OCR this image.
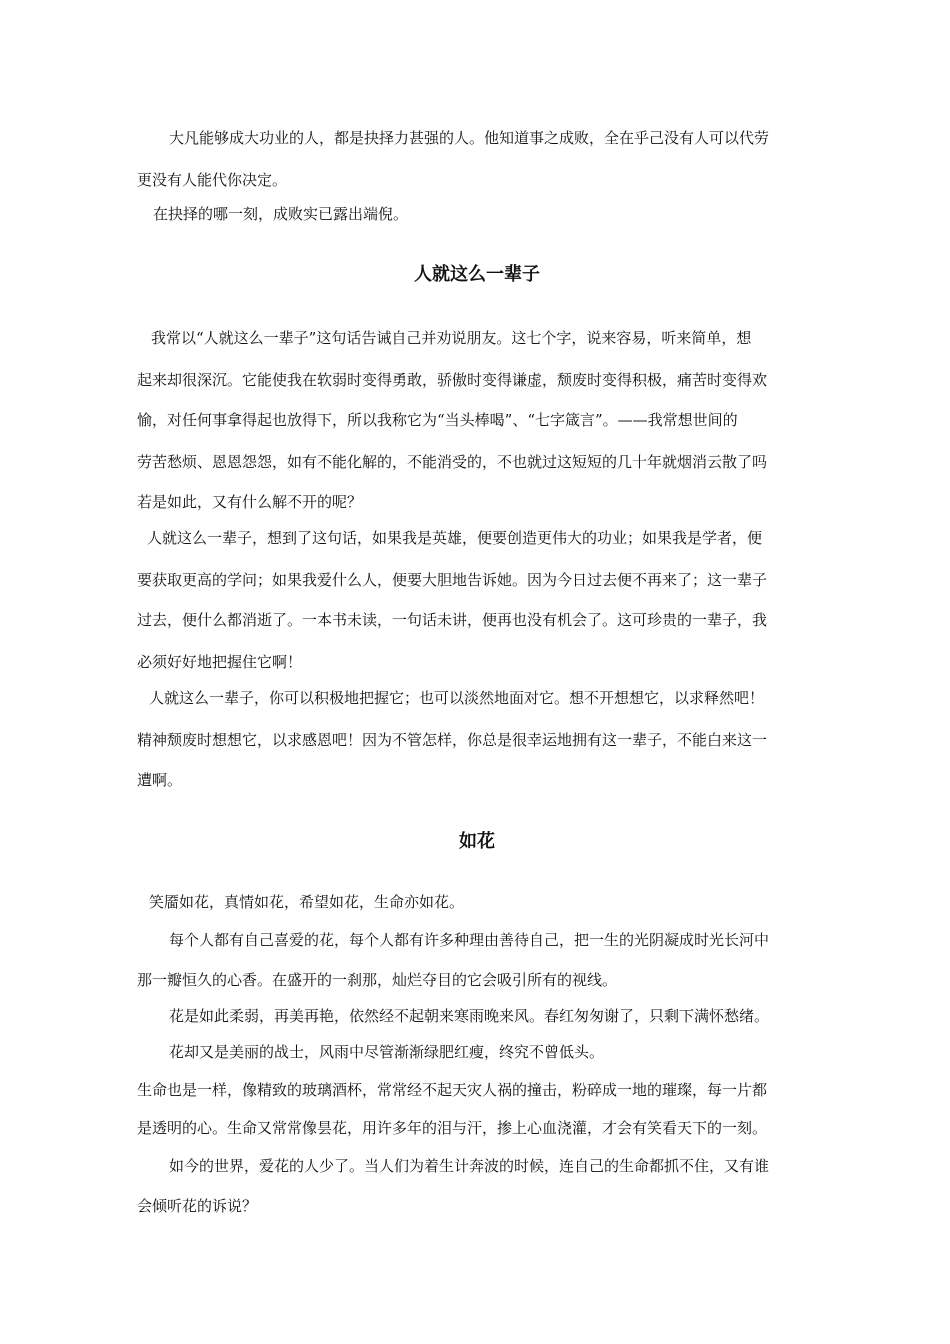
大凡能够成大功业的人，都是抉择力甚强的人。他知道事之成败，全在乎己没有人可以代劳
更没有人能代你决定。
在抉择的哪一刻，成败实已露出端倪。
人就这么一辈子
我常以“人就这么一辈子”这句话告诫自己并劝说朋友。这七个字，说来容易，听来简单，想
起来却很深沉。它能使我在软弱时变得勇敢，骄傲时变得谦虚，颓废时变得积极，痛苦时变得欢
愉，对任何事拿得起也放得下，所以我称它为“当头棒喝”、“七字箴言”。——我常想世间的
劳苦愁烦、恩恩怨怨，如有不能化解的，不能消受的，不也就过这短短的几十年就烟消云散了吗
若是如此，又有什么解不开的呢？
人就这么一辈子，想到了这句话，如果我是英雄，便要创造更伟大的功业；如果我是学者，便
要获取更高的学问；如果我爱什么人，便要大胆地告诉她。因为今日过去便不再来了；这一辈子
过去，便什么都消逝了。一本书未读，一句话未讲，便再也没有机会了。这可珍贵的一辈子，我
必须好好地把握住它啊！
人就这么一辈子，你可以积极地把握它；也可以淡然地面对它。想不开想想它，以求释然吧！
精神颓废时想想它，以求感恩吧！因为不管怎样，你总是很幸运地拥有这一辈子，不能白来这一
遭啊。
如花
笑靥如花，真情如花，希望如花，生命亦如花。
每个人都有自己喜爱的花，每个人都有许多种理由善待自己，把一生的光阴凝成时光长河中
那一瓣恒久的心香。在盛开的一刹那，灿烂夺目的它会吸引所有的视线。
花是如此柔弱，再美再艳，依然经不起朝来寒雨晚来风。春红匆匆谢了，只剩下满怀愁绪。
花却又是美丽的战士，风雨中尽管渐渐绿肥红瘦，终究不曾低头。
生命也是一样，像精致的玻璃酒杯，常常经不起天灾人祸的撞击，粉碎成一地的璀璨，每一片都
是透明的心。生命又常常像昙花，用许多年的泪与汗，掺上心血浇灌，才会有笑看天下的一刻。
如今的世界，爱花的人少了。当人们为着生计奔波的时候，连自己的生命都抓不住，又有谁
会倾听花的诉说？
